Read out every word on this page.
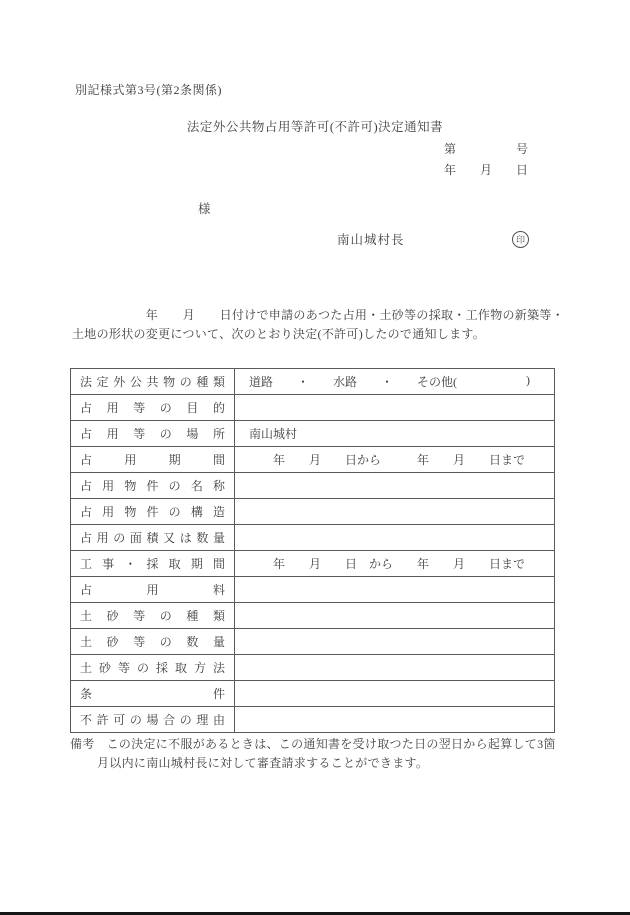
別記様式第3号(第2条関係)
法定外公共物占用等許可(不許可)決定通知書
第　　　　　号
年　　月　　日
様
南山城村長	印
　　　　　　年　　月　　日付けで申請のあつた占用・土砂等の採取・工作物の新築等・
土地の形状の変更について、次のとおり決定(不許可)したので通知します。
法定外公共物の種類	道路　　・　　水路　　・　　その他( )

占用等の目的	
占用等の場所	南山城村
占用期間	　　年　　月　　日から　　　年　　月　　日まで
占用物件の名称	
占用物件の構造	
占用の面積又は数量	
工事・採取期間	　　年　　月　　日　から　　年　　月　　日まで
占用料	
土砂等の種類	
土砂等の数量	
土砂等の採取方法	
条件	
不許可の場合の理由	
備考 この決定に不服があるときは、この通知書を受け取つた日の翌日から起算して3箇
月以内に南山城村長に対して審査請求することができます。
